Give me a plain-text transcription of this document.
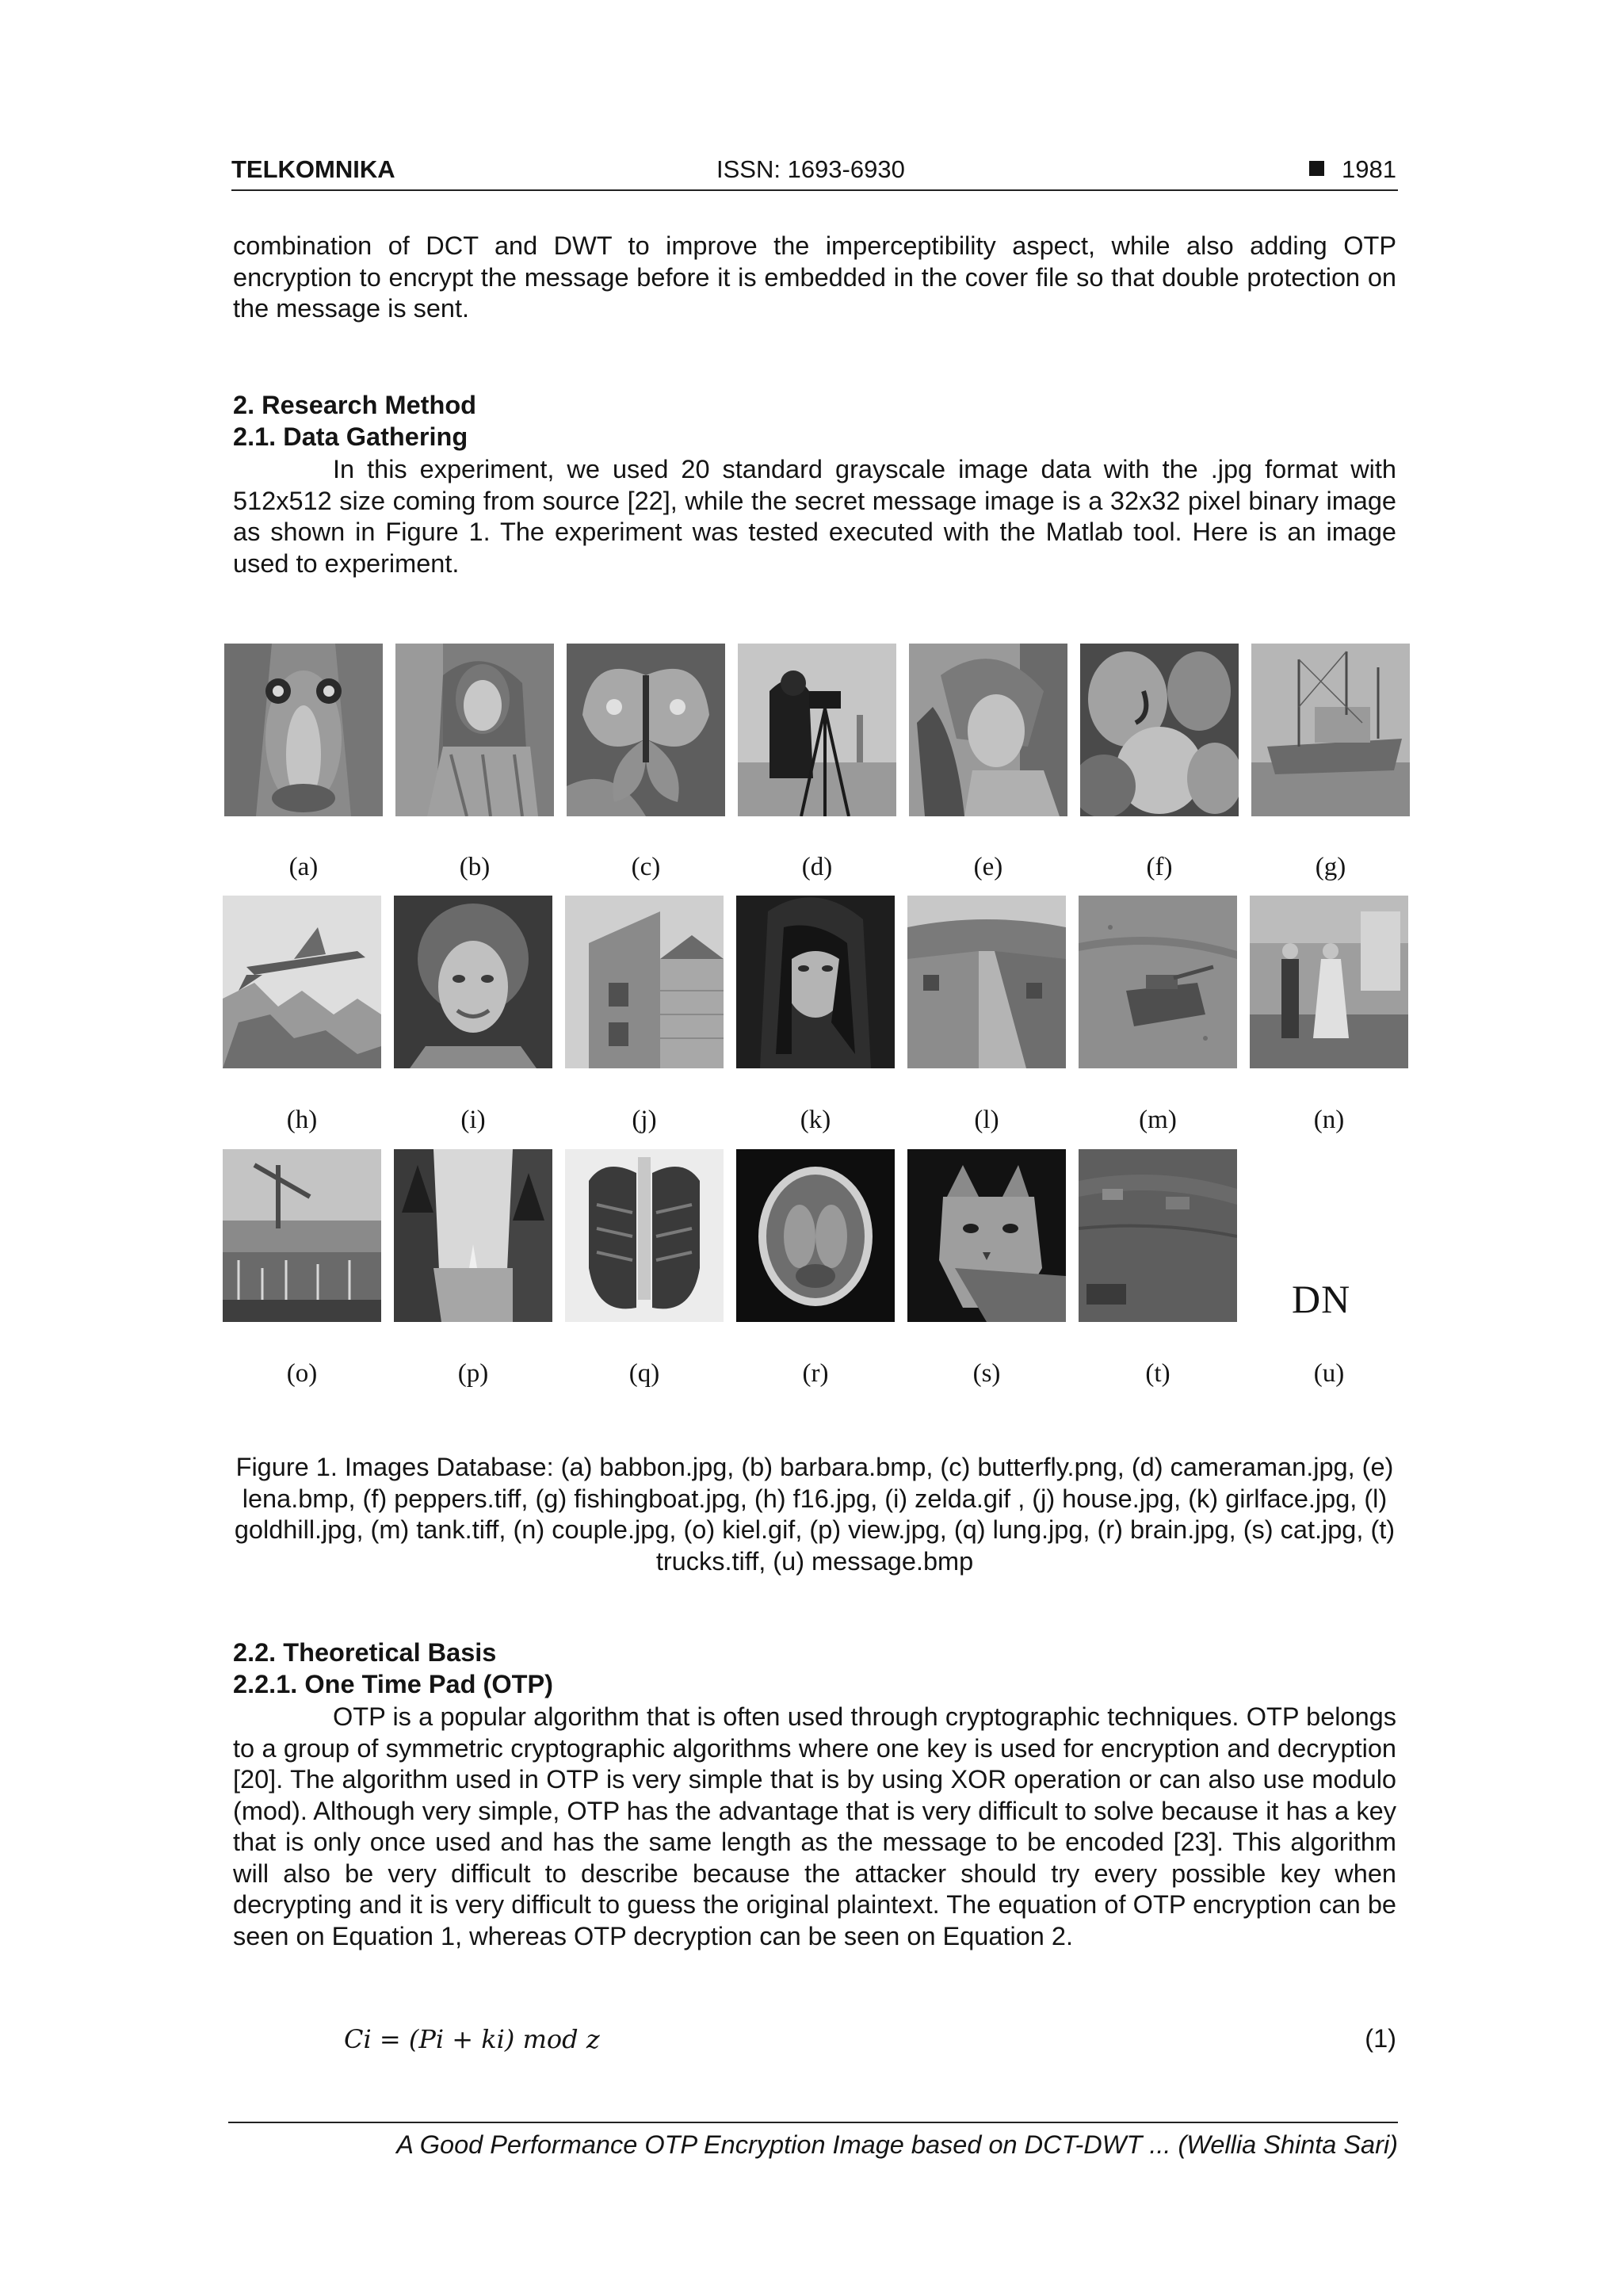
TELKOMNIKA	ISSN: 1693-6930	1981

combination of DCT and DWT to improve the imperceptibility aspect, while also adding OTP encryption to encrypt the message before it is embedded in the cover file so that double protection on the message is sent.

2. Research Method

2.1. Data Gathering

In this experiment, we used 20 standard grayscale image data with the .jpg format with 512x512 size coming from source [22], while the secret message image is a 32x32 pixel binary image as shown in Figure 1. The experiment was tested executed with the Matlab tool. Here is an image used to experiment.

DN
(a)	(b)	(c)	(d)	(e)	(f)	(g)
(h)	(i)	(j)	(k)	(l)	(m)	(n)
(o)	(p)	(q)	(r)	(s)	(t)	(u)

Figure 1. Images Database: (a) babbon.jpg, (b) barbara.bmp, (c) butterfly.png, (d) cameraman.jpg, (e) lena.bmp, (f) peppers.tiff, (g) fishingboat.jpg, (h) f16.jpg, (i) zelda.gif , (j) house.jpg, (k) girlface.jpg, (l) goldhill.jpg, (m) tank.tiff, (n) couple.jpg, (o) kiel.gif, (p) view.jpg, (q) lung.jpg, (r) brain.jpg, (s) cat.jpg, (t) trucks.tiff, (u) message.bmp

2.2. Theoretical Basis

2.2.1. One Time Pad (OTP)

OTP is a popular algorithm that is often used through cryptographic techniques. OTP belongs to a group of symmetric cryptographic algorithms where one key is used for encryption and decryption [20]. The algorithm used in OTP is very simple that is by using XOR operation or can also use modulo (mod). Although very simple, OTP has the advantage that is very difficult to solve because it has a key that is only once used and has the same length as the message to be encoded [23]. This algorithm will also be very difficult to describe because the attacker should try every possible key when decrypting and it is very difficult to guess the original plaintext. The equation of OTP encryption can be seen on Equation 1, whereas OTP decryption can be seen on Equation 2.

Ci = (Pi + ki) mod z	(1)
A Good Performance OTP Encryption Image based on DCT-DWT ... (Wellia Shinta Sari)
